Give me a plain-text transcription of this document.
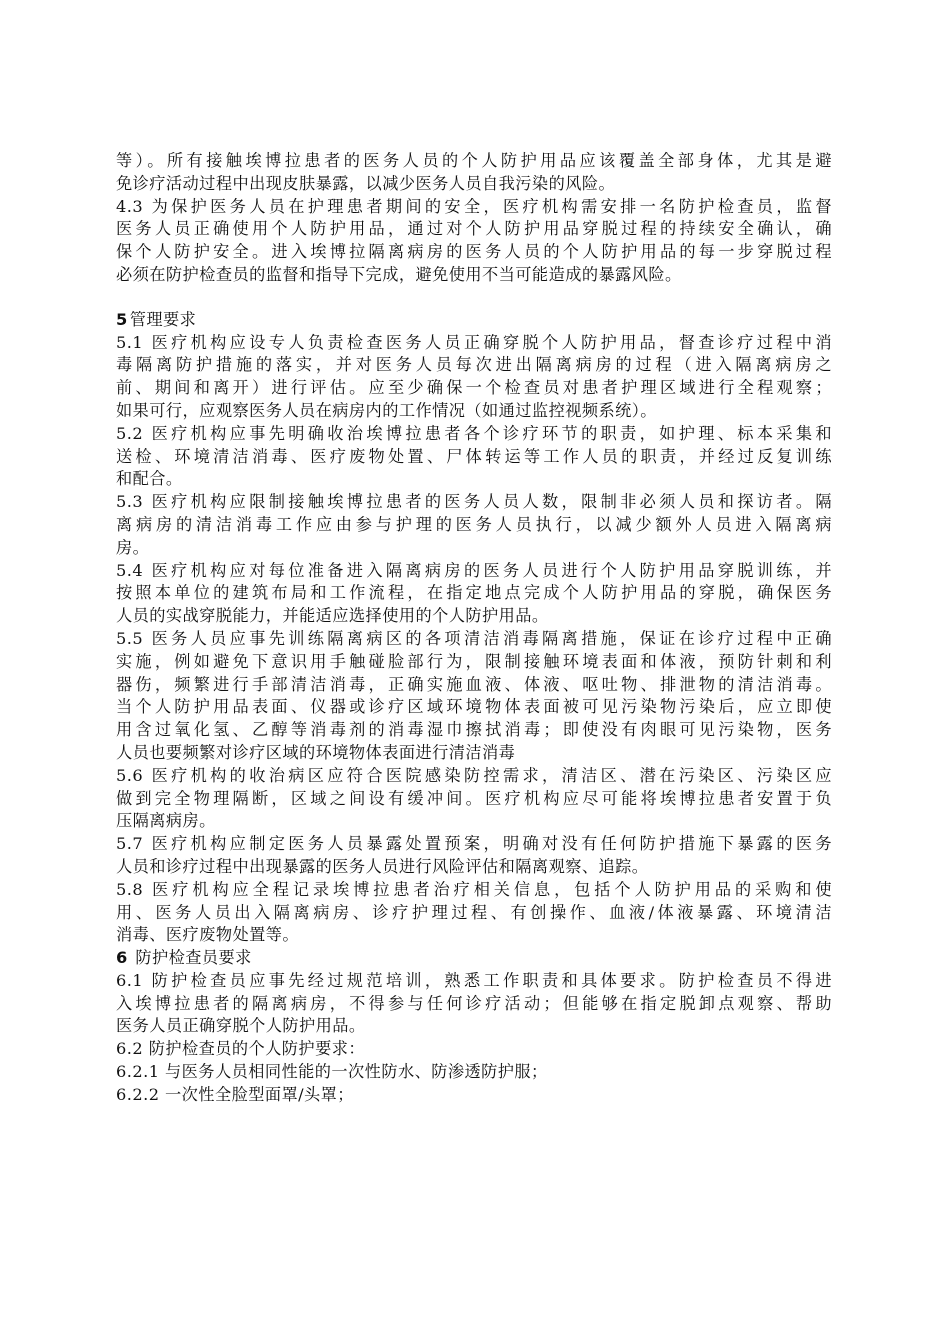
等）。所有接触埃博拉患者的医务人员的个人防护用品应该覆盖全部身体，尤其是避
免诊疗活动过程中出现皮肤暴露，以减少医务人员自我污染的风险。
4.3 为保护医务人员在护理患者期间的安全，医疗机构需安排一名防护检查员，监督
医务人员正确使用个人防护用品，通过对个人防护用品穿脱过程的持续安全确认，确
保个人防护安全。进入埃博拉隔离病房的医务人员的个人防护用品的每一步穿脱过程
必须在防护检查员的监督和指导下完成，避免使用不当可能造成的暴露风险。
5 管理要求
5.1 医疗机构应设专人负责检查医务人员正确穿脱个人防护用品，督查诊疗过程中消
毒隔离防护措施的落实，并对医务人员每次进出隔离病房的过程（进入隔离病房之
前、期间和离开）进行评估。应至少确保一个检查员对患者护理区域进行全程观察；
如果可行，应观察医务人员在病房内的工作情况（如通过监控视频系统）。
5.2 医疗机构应事先明确收治埃博拉患者各个诊疗环节的职责，如护理、标本采集和
送检、环境清洁消毒、医疗废物处置、尸体转运等工作人员的职责，并经过反复训练
和配合。
5.3 医疗机构应限制接触埃博拉患者的医务人员人数，限制非必须人员和探访者。隔
离病房的清洁消毒工作应由参与护理的医务人员执行，以减少额外人员进入隔离病
房。
5.4 医疗机构应对每位准备进入隔离病房的医务人员进行个人防护用品穿脱训练，并
按照本单位的建筑布局和工作流程，在指定地点完成个人防护用品的穿脱，确保医务
人员的实战穿脱能力，并能适应选择使用的个人防护用品。
5.5 医务人员应事先训练隔离病区的各项清洁消毒隔离措施，保证在诊疗过程中正确
实施，例如避免下意识用手触碰脸部行为，限制接触环境表面和体液，预防针刺和利
器伤，频繁进行手部清洁消毒，正确实施血液、体液、呕吐物、排泄物的清洁消毒。
当个人防护用品表面、仪器或诊疗区域环境物体表面被可见污染物污染后，应立即使
用含过氧化氢、乙醇等消毒剂的消毒湿巾擦拭消毒；即使没有肉眼可见污染物，医务
人员也要频繁对诊疗区域的环境物体表面进行清洁消毒
5.6 医疗机构的收治病区应符合医院感染防控需求，清洁区、潜在污染区、污染区应
做到完全物理隔断，区域之间设有缓冲间。医疗机构应尽可能将埃博拉患者安置于负
压隔离病房。
5.7 医疗机构应制定医务人员暴露处置预案，明确对没有任何防护措施下暴露的医务
人员和诊疗过程中出现暴露的医务人员进行风险评估和隔离观察、追踪。
5.8 医疗机构应全程记录埃博拉患者治疗相关信息，包括个人防护用品的采购和使
用、医务人员出入隔离病房、诊疗护理过程、有创操作、血液/体液暴露、环境清洁
消毒、医疗废物处置等。
6 防护检查员要求
6.1 防护检查员应事先经过规范培训，熟悉工作职责和具体要求。防护检查员不得进
入埃博拉患者的隔离病房，不得参与任何诊疗活动；但能够在指定脱卸点观察、帮助
医务人员正确穿脱个人防护用品。
6.2 防护检查员的个人防护要求：
6.2.1 与医务人员相同性能的一次性防水、防渗透防护服；
6.2.2 一次性全脸型面罩/头罩；
